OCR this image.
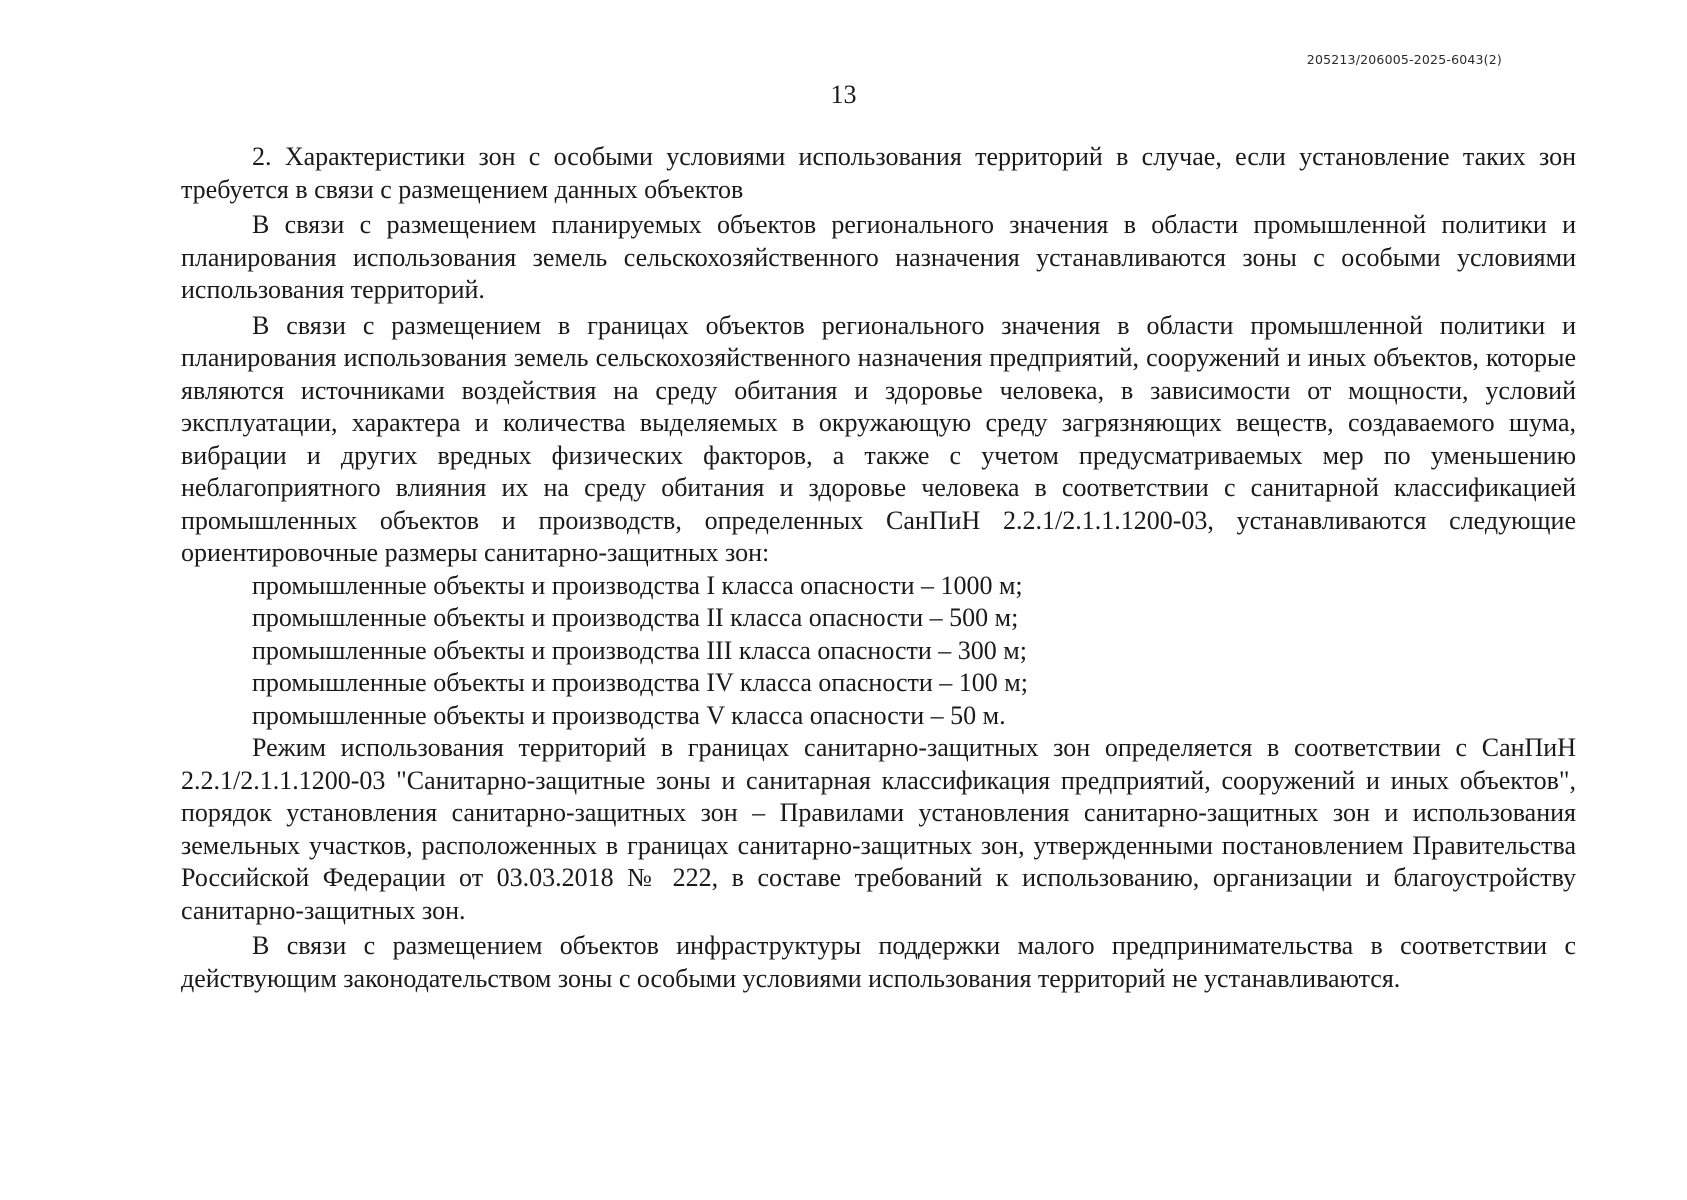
205213/206005-2025-6043(2)
13

2. Характеристики зон с особыми условиями использования территорий в случае, если установление таких зон требуется в связи с размещением данных объектов

В связи с размещением планируемых объектов регионального значения в области промышленной политики и планирования использования земель сельскохозяйственного назначения устанавливаются зоны с особыми условиями использования территорий.

В связи с размещением в границах объектов регионального значения в области промышленной политики и планирования использования земель сельскохозяйственного назначения предприятий, сооружений и иных объектов, которые являются источниками воздействия на среду обитания и здоровье человека, в зависимости от мощности, условий эксплуатации, характера и количества выделяемых в окружающую среду загрязняющих веществ, создаваемого шума, вибрации и других вредных физических факторов, а также с учетом предусматриваемых мер по уменьшению неблагоприятного влияния их на среду обитания и здоровье человека в соответствии с санитарной классификацией промышленных объектов и производств, определенных СанПиН 2.2.1/2.1.1.1200-03, устанавливаются следующие ориентировочные размеры санитарно-защитных зон:

промышленные объекты и производства I класса опасности – 1000 м;
промышленные объекты и производства II класса опасности – 500 м;
промышленные объекты и производства III класса опасности – 300 м;
промышленные объекты и производства IV класса опасности – 100 м;
промышленные объекты и производства V класса опасности – 50 м.

Режим использования территорий в границах санитарно-защитных зон определяется в соответствии с СанПиН 2.2.1/2.1.1.1200-03 "Санитарно-защитные зоны и санитарная классификация предприятий, сооружений и иных объектов", порядок установления санитарно-защитных зон – Правилами установления санитарно-защитных зон и использования земельных участков, расположенных в границах санитарно-защитных зон, утвержденными постановлением Правительства Российской Федерации от 03.03.2018 № 222, в составе требований к использованию, организации и благоустройству санитарно-защитных зон.

В связи с размещением объектов инфраструктуры поддержки малого предпринимательства в соответствии с действующим законодательством зоны с особыми условиями использования территорий не устанавливаются.
